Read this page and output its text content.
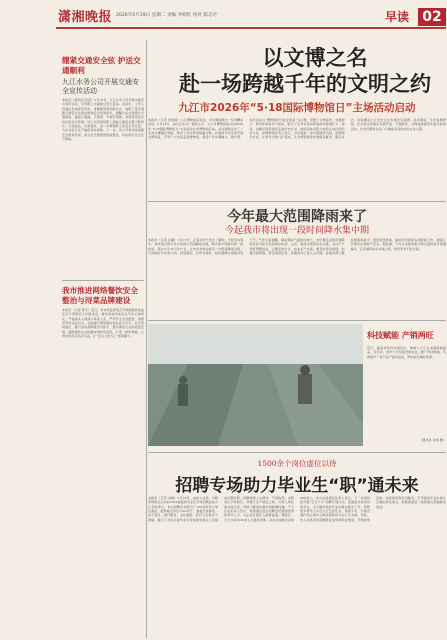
潇湘晚报 2026年5月19日 星期二 责编 李娟红 校对 陈志平	早读 02
以文博之名
赴一场跨越千年的文明之约
九江市2026年“5·18国际博物馆日”主场活动启动
本报讯（记者 吴金峰）九江博物馆获奖后，今年继续推出一系列精彩活动。5月18日，由九江市文广旅局主办、九江市博物馆承办的2026年“5·18国际博物馆日”主场活动在市博物馆启动。活动现场发布了一系列文博惠民举措，展出了多件珍贵馆藏文物，并邀请专家学者开展文博讲座，引导广大市民走进博物馆、感受千年文明魅力。据介绍，本次活动以“博物馆助力社会变革”为主题，设置了文物鉴赏、非遗展示、研学体验等多个板块，吸引了众多市民和游客前来参观打卡。现场，讲解员带领观众走进历史长河，细细品味浔阳大地悠久灿烂的历史文化。市博物馆负责人表示，今后将进一步丰富展陈内容，创新服务方式，让更多文物“活”起来，让文博资源更好地服务群众、服务社会，持续擦亮九江历史文化名城金字招牌。活动期间，全市各博物馆、纪念馆还将推出免费开放、专题展览、文物进校园等丰富多彩的活动，让市民群众在家门口就能享受优质的文化大餐。
绷紧交通安全弦 护送交通顺利
九江水务公司开展交通安全宣传活动
本报讯（通讯员 张晋）5月18日，九江水务公司开展交通安全宣传活动，引导职工牢固树立安全意识。活动中，工作人员通过发放宣传资料、讲解典型案例等方式，向职工普及道路交通安全法律法规和安全驾驶常识，提醒大家自觉遵守交通规则，做到不超速、不酒驾、不疲劳驾驶，共同营造安全有序的出行环境。该公司还组织职工观看交通安全警示教育片，以案说法、以案促改，进一步增强职工的安全责任感，为企业安全生产提供坚实保障。下一步，该公司将持续加强安全教育培训，常态化开展隐患排查整治，切实筑牢安全生产防线。
我市推进网络餐饮安全整治与浔菜品牌建设
本报讯（记者 陈芳）近日，市市场监管局召开网络餐饮食品安全专项整治工作推进会，要求各地切实压实平台主体责任，严格落实入网商户审查义务，严厉打击无证经营、虚假宣传等违法行为，全面提升网络餐饮食品安全水平。会议同时提出，要以浔菜品牌建设为抓手，推动餐饮行业高质量发展，鼓励餐饮企业挖掘本地特色菜品，打造一批叫得响、立得住的浔菜名店名品，让“舌尖上的九江”更具魅力。
今年最大范围降雨来了
今起我市将出现一段时间降水集中期
本报讯（记者 张曦）5月18日，记者从市气象台了解到，今起至本周末，我市将出现今年以来最大范围降雨过程，降水集中期将持续一段时间。预计5月19日至21日，全市自北向南将有一次明显降雨过程，大部地区有中到大雨，局部暴雨，并伴有雷电、短时强降水等强对流天气。气象专家提醒，降雨期间气温波动较大，市民要注意防范强降雨及其可能引发的城乡积涝、山洪、地质灾害等次生灾害，关注天气预报预警信息，合理安排出行。农业生产方面，要及时清沟排渍，加强田间管理，防范渍涝危害。近期我市已进入主汛期，各地各部门要加强值班值守，强化隐患排查，做好防汛抢险各项准备工作，确保人民群众生命财产安全。据监测，今年以来我市累计降水量较常年同期偏多，江河湖库水位持续上涨，防汛形势不容乐观。
科技赋能 产销两旺
近日，瑞昌市某科技园区内，种植大户正在采摘新鲜蔬菜。近年来，该市大力发展设施农业，推广科技种植，有效提升了农产品产量和品质，带动农民增收致富。
（通讯员 张艳 摄）
1500余个岗位虚位以待
招聘专场助力毕业生“职”通未来
本报讯（记者 刘晓）5月18日，由市人社局、市教育局联合主办的2026届高校毕业生专场招聘会在九江学院举行。本次招聘会共吸引了120余家用人单位参会，提供就业岗位1500余个，涵盖先进制造、电子信息、现代服务、文化旅游、医疗卫生等多个领域，吸引了众多应届毕业生和往届未就业人员前来应聘求职。招聘现场人头攒动、气氛热烈，求职者们手持简历，穿梭于各个展位之间，与用人单位面对面交流，详细了解岗位要求和薪酬待遇。不少企业负责人表示，希望通过此次招聘会招揽到优秀的青年人才，为企业发展注入新鲜血液。据统计，当天共有3200余人次进场求职，初步达成就业意向600余人。市人社局相关负责人表示，下一步将持续开展“百日千万”招聘专项行动，搭建更多供需对接平台，全力做好高校毕业生就业服务工作，帮助更多青年人才在九江安居乐业、施展才华，为建设现代化区域中心城市提供有力的人才支撑。同时，市人社局还将加强就业指导和职业规划，开展政策宣讲、技能培训等系列服务，引导高校毕业生树立正确的择业观念，积极到基层一线和重点领域就业创业。
